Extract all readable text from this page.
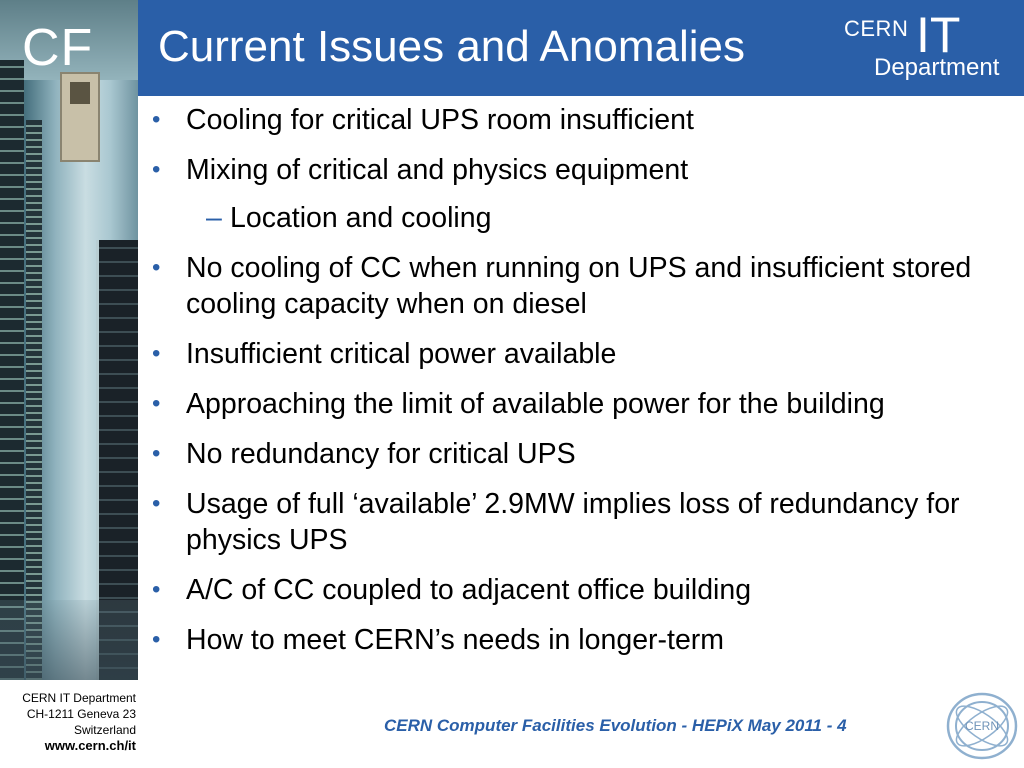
CF Current Issues and Anomalies	CERN IT
Department
• Cooling for critical UPS room insufficient
• Mixing of critical and physics equipment
– Location and cooling
• No cooling of CC when running on UPS and insufficient stored cooling capacity when on diesel
• Insufficient critical power available
• Approaching the limit of available power for the building
• No redundancy for critical UPS
• Usage of full ‘available’ 2.9MW implies loss of redundancy for physics UPS
• A/C of CC coupled to adjacent office building
• How to meet CERN’s needs in longer-term
CERN IT Department
CH-1211 Geneva 23
Switzerland
www.cern.ch/it
CERN Computer Facilities Evolution - HEPiX May 2011 - 4	CERN
